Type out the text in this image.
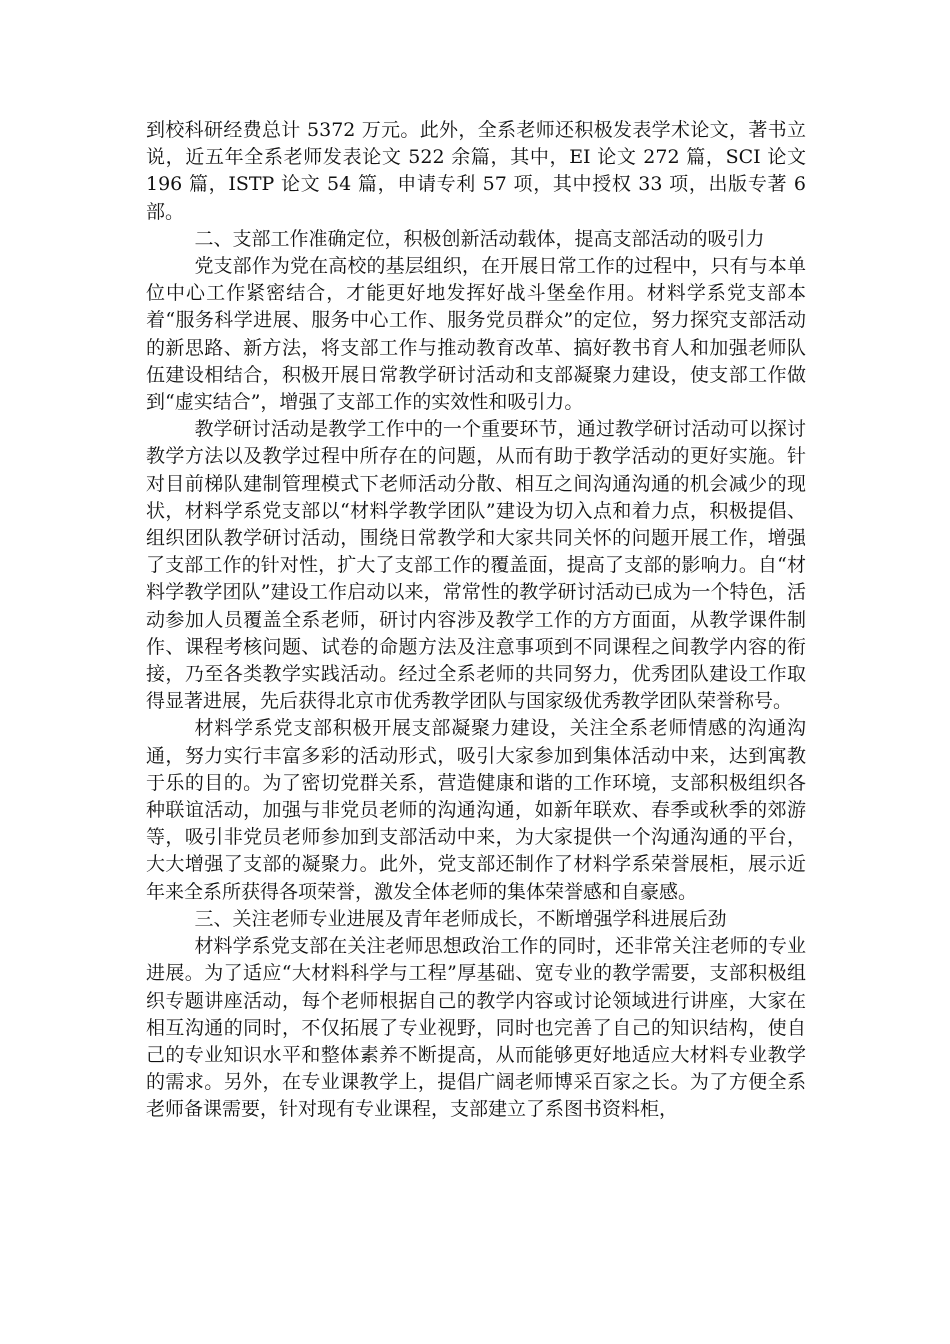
到校科研经费总计 5372 万元。此外，全系老师还积极发表学术论文，著书立说，近五年全系老师发表论文 522 余篇，其中，EI 论文 272 篇，SCI 论文 196 篇，ISTP 论文 54 篇，申请专利 57 项，其中授权 33 项，出版专著 6 部。

二、支部工作准确定位，积极创新活动载体，提高支部活动的吸引力

党支部作为党在高校的基层组织，在开展日常工作的过程中，只有与本单位中心工作紧密结合，才能更好地发挥好战斗堡垒作用。材料学系党支部本着“服务科学进展、服务中心工作、服务党员群众”的定位，努力探究支部活动的新思路、新方法，将支部工作与推动教育改革、搞好教书育人和加强老师队伍建设相结合，积极开展日常教学研讨活动和支部凝聚力建设，使支部工作做到“虚实结合”，增强了支部工作的实效性和吸引力。

教学研讨活动是教学工作中的一个重要环节，通过教学研讨活动可以探讨教学方法以及教学过程中所存在的问题，从而有助于教学活动的更好实施。针对目前梯队建制管理模式下老师活动分散、相互之间沟通沟通的机会减少的现状，材料学系党支部以“材料学教学团队”建设为切入点和着力点，积极提倡、组织团队教学研讨活动，围绕日常教学和大家共同关怀的问题开展工作，增强了支部工作的针对性，扩大了支部工作的覆盖面，提高了支部的影响力。自“材料学教学团队”建设工作启动以来，常常性的教学研讨活动已成为一个特色，活动参加人员覆盖全系老师，研讨内容涉及教学工作的方方面面，从教学课件制作、课程考核问题、试卷的命题方法及注意事项到不同课程之间教学内容的衔接，乃至各类教学实践活动。经过全系老师的共同努力，优秀团队建设工作取得显著进展，先后获得北京市优秀教学团队与国家级优秀教学团队荣誉称号。

材料学系党支部积极开展支部凝聚力建设，关注全系老师情感的沟通沟通，努力实行丰富多彩的活动形式，吸引大家参加到集体活动中来，达到寓教于乐的目的。为了密切党群关系，营造健康和谐的工作环境，支部积极组织各种联谊活动，加强与非党员老师的沟通沟通，如新年联欢、春季或秋季的郊游等，吸引非党员老师参加到支部活动中来，为大家提供一个沟通沟通的平台，大大增强了支部的凝聚力。此外，党支部还制作了材料学系荣誉展柜，展示近年来全系所获得各项荣誉，激发全体老师的集体荣誉感和自豪感。

三、关注老师专业进展及青年老师成长，不断增强学科进展后劲

材料学系党支部在关注老师思想政治工作的同时，还非常关注老师的专业进展。为了适应“大材料科学与工程”厚基础、宽专业的教学需要，支部积极组织专题讲座活动，每个老师根据自己的教学内容或讨论领域进行讲座，大家在相互沟通的同时，不仅拓展了专业视野，同时也完善了自己的知识结构，使自己的专业知识水平和整体素养不断提高，从而能够更好地适应大材料专业教学的需求。另外，在专业课教学上，提倡广阔老师博采百家之长。为了方便全系老师备课需要，针对现有专业课程，支部建立了系图书资料柜，
